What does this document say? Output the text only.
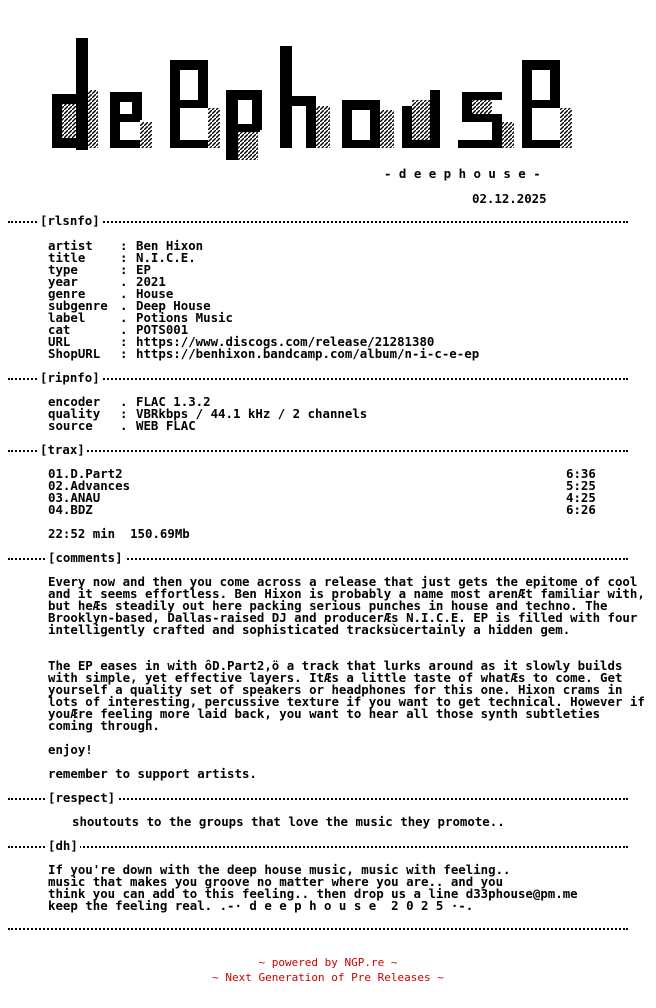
- d e e p h o u s e -
02.12.2025

[rlsnfo]

artist : Ben Hixon
title	: N.I.C.E.
type	: EP
year	. 2021
genre	. House
subgenre . Deep House
label	. Potions Music
cat	. POTS001
URL	: https://www.discogs.com/release/21281380
ShopURL : https://benhixon.bandcamp.com/album/n-i-c-e-ep

[ripnfo]

encoder . FLAC 1.3.2
quality : VBRkbps / 44.1 kHz / 2 channels
source . WEB FLAC

[trax]

01.D.Part2	6:36
02.Advances	5:25
03.ANAU	4:25
04.BDZ	6:26
22:52 min 150.69Mb

[comments]

Every now and then you come across a release that just gets the epitome of cool and it seems effortless. Ben Hixon is probably a name most arenÆt familiar with, but heÆs steadily out here packing serious punches in house and techno. The Brooklyn-based, Dallas-raised DJ and producerÆs N.I.C.E. EP is filled with four intelligently crafted and sophisticated tracksùcertainly a hidden gem.
The EP eases in with ôD.Part2,ö a track that lurks around as it slowly builds with simple, yet effective layers. ItÆs a little taste of whatÆs to come. Get yourself a quality set of speakers or headphones for this one. Hixon crams in lots of interesting, percussive texture if you want to get technical. However if youÆre feeling more laid back, you want to hear all those synth subtleties coming through.
enjoy!
remember to support artists.

[respect]

shoutouts to the groups that love the music they promote..

[dh]

If you're down with the deep house music, music with feeling..
music that makes you groove no matter where you are.. and you
think you can add to this feeling.. then drop us a line d33phouse@pm.me
keep the feeling real. .-· d e e p h o u s e  2 0 2 5 ·-.

~ powered by NGP.re ~
~ Next Generation of Pre Releases ~
